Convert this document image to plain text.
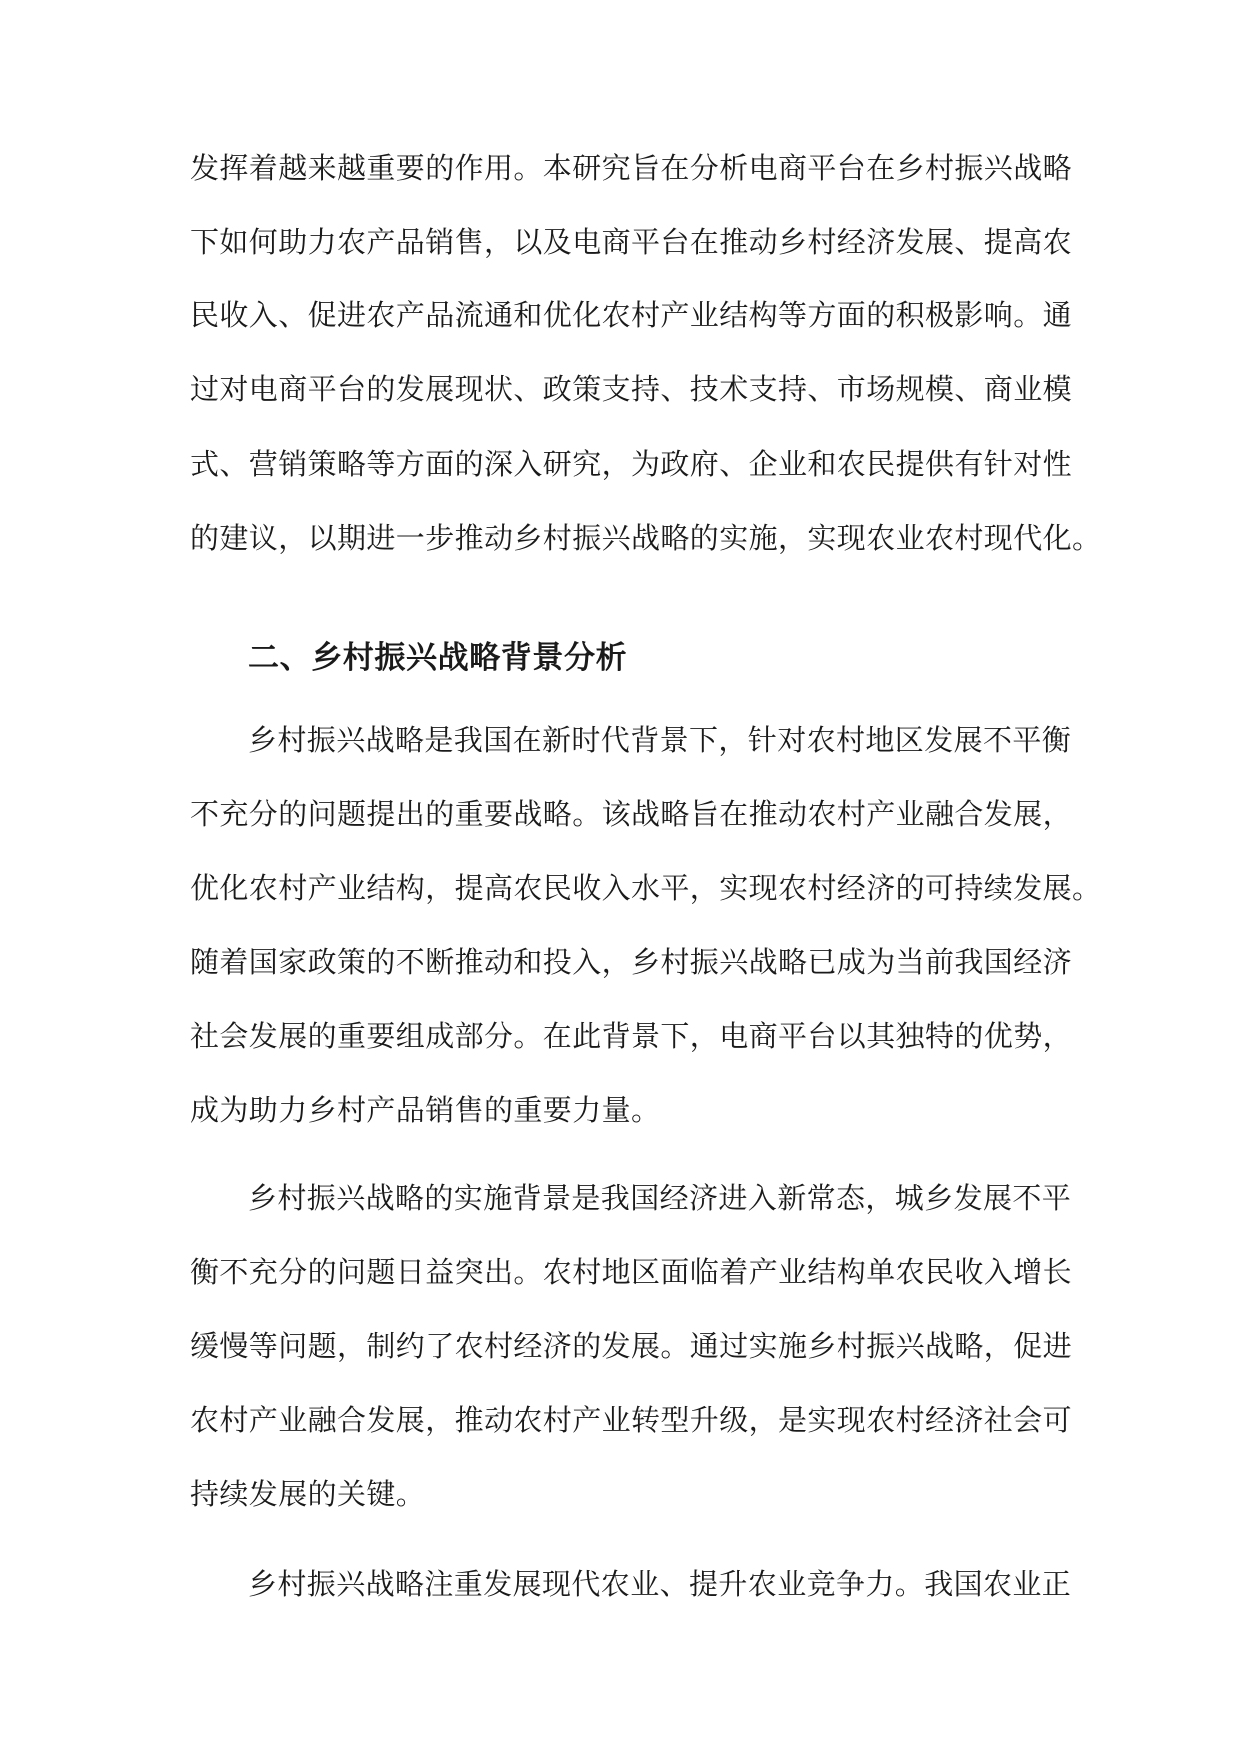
发挥着越来越重要的作用。本研究旨在分析电商平台在乡村振兴战略
下如何助力农产品销售，以及电商平台在推动乡村经济发展、提高农
民收入、促进农产品流通和优化农村产业结构等方面的积极影响。通
过对电商平台的发展现状、政策支持、技术支持、市场规模、商业模
式、营销策略等方面的深入研究，为政府、企业和农民提供有针对性
的建议，以期进一步推动乡村振兴战略的实施，实现农业农村现代化。
二、乡村振兴战略背景分析
乡村振兴战略是我国在新时代背景下，针对农村地区发展不平衡
不充分的问题提出的重要战略。该战略旨在推动农村产业融合发展，
优化农村产业结构，提高农民收入水平，实现农村经济的可持续发展。
随着国家政策的不断推动和投入，乡村振兴战略已成为当前我国经济
社会发展的重要组成部分。在此背景下，电商平台以其独特的优势，
成为助力乡村产品销售的重要力量。
乡村振兴战略的实施背景是我国经济进入新常态，城乡发展不平
衡不充分的问题日益突出。农村地区面临着产业结构单农民收入增长
缓慢等问题，制约了农村经济的发展。通过实施乡村振兴战略，促进
农村产业融合发展，推动农村产业转型升级，是实现农村经济社会可
持续发展的关键。
乡村振兴战略注重发展现代农业、提升农业竞争力。我国农业正
